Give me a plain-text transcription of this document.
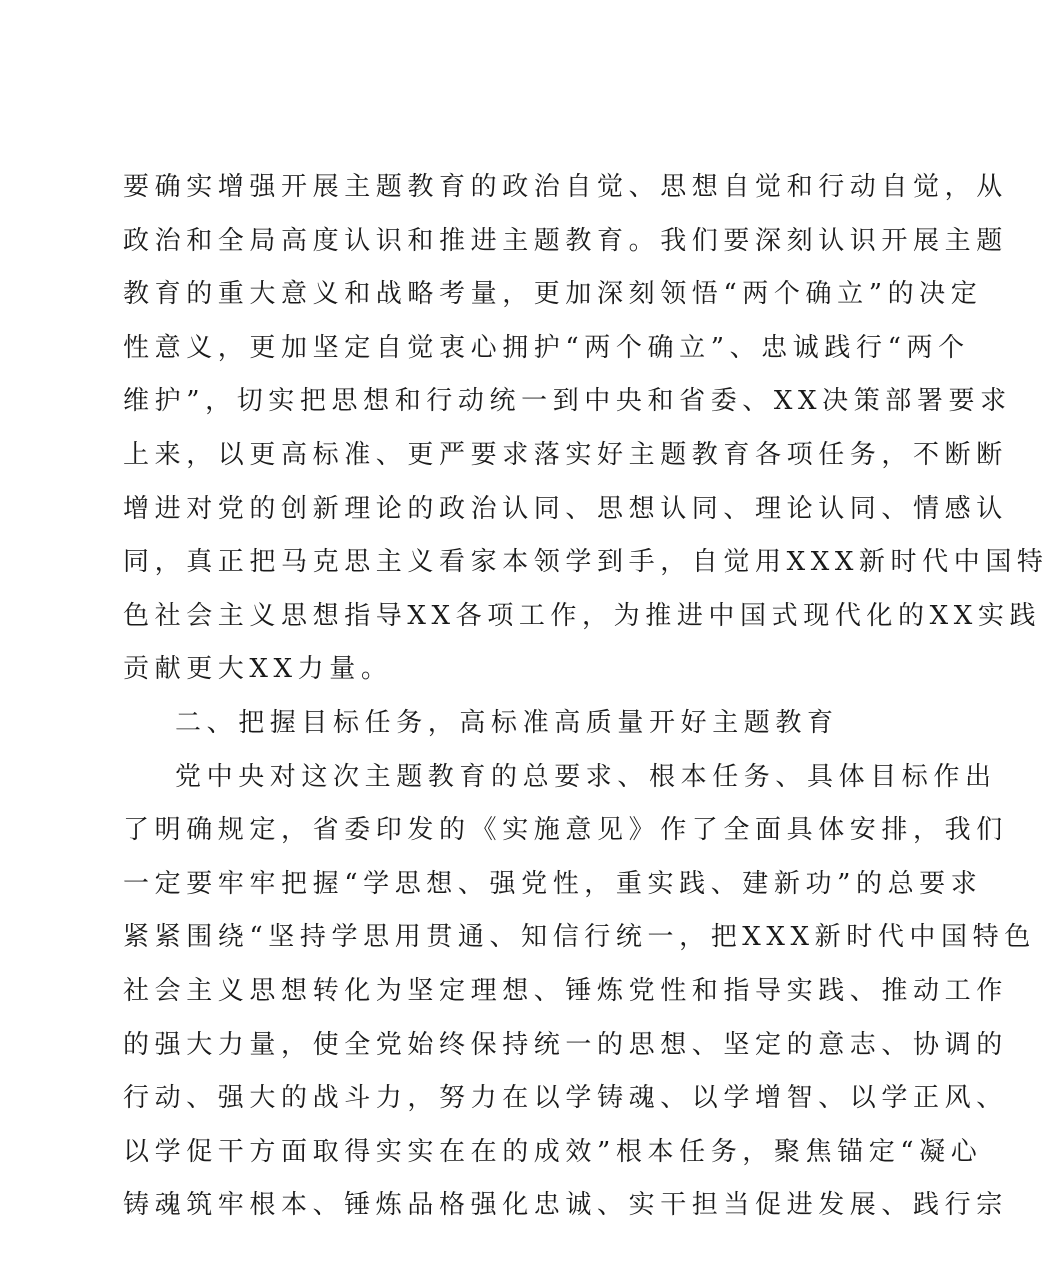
要确实增强开展主题教育的政治自觉、思想自觉和行动自觉，从
政治和全局高度认识和推进主题教育。我们要深刻认识开展主题
教育的重大意义和战略考量，更加深刻领悟“两个确立”的决定
性意义，更加坚定自觉衷心拥护“两个确立”、忠诚践行“两个
维护”，切实把思想和行动统一到中央和省委、XX决策部署要求
上来，以更高标准、更严要求落实好主题教育各项任务，不断断
增进对党的创新理论的政治认同、思想认同、理论认同、情感认
同，真正把马克思主义看家本领学到手，自觉用XXX新时代中国特
色社会主义思想指导XX各项工作，为推进中国式现代化的XX实践
贡献更大XX力量。
二、把握目标任务，高标准高质量开好主题教育
党中央对这次主题教育的总要求、根本任务、具体目标作出
了明确规定，省委印发的《实施意见》作了全面具体安排，我们
一定要牢牢把握“学思想、强党性，重实践、建新功”的总要求
紧紧围绕“坚持学思用贯通、知信行统一，把XXX新时代中国特色
社会主义思想转化为坚定理想、锤炼党性和指导实践、推动工作
的强大力量，使全党始终保持统一的思想、坚定的意志、协调的
行动、强大的战斗力，努力在以学铸魂、以学增智、以学正风、
以学促干方面取得实实在在的成效”根本任务，聚焦锚定“凝心
铸魂筑牢根本、锤炼品格强化忠诚、实干担当促进发展、践行宗
